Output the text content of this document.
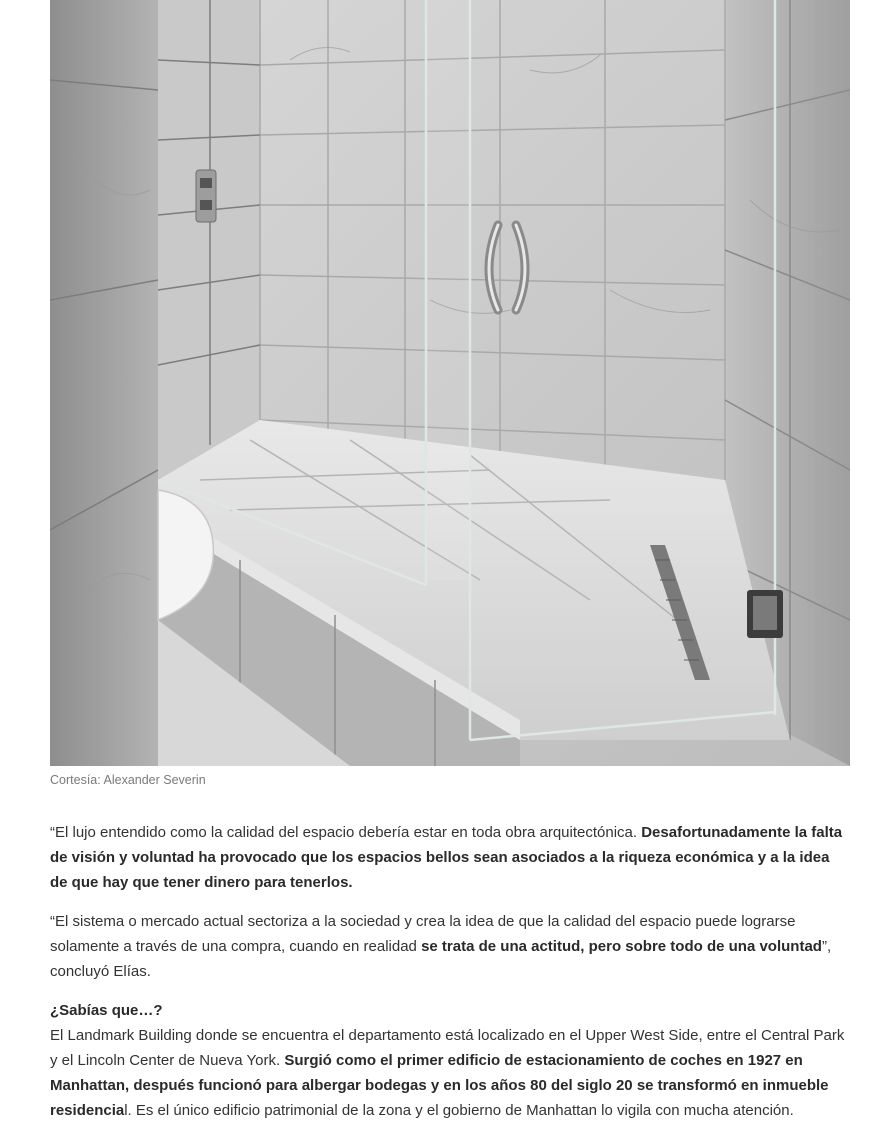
Cortesía: Alexander Severin

“El lujo entendido como la calidad del espacio debería estar en toda obra arquitectónica. Desafortunadamente la falta de visión y voluntad ha provocado que los espacios bellos sean asociados a la riqueza económica y a la idea de que hay que tener dinero para tenerlos.

“El sistema o mercado actual sectoriza a la sociedad y crea la idea de que la calidad del espacio puede lograrse solamente a través de una compra, cuando en realidad se trata de una actitud, pero sobre todo de una voluntad”, concluyó Elías.

¿Sabías que…?

El Landmark Building donde se encuentra el departamento está localizado en el Upper West Side, entre el Central Park y el Lincoln Center de Nueva York. Surgió como el primer edificio de estacionamiento de coches en 1927 en Manhattan, después funcionó para albergar bodegas y en los años 80 del siglo 20 se transformó en inmueble residencial. Es el único edificio patrimonial de la zona y el gobierno de Manhattan lo vigila con mucha atención.
